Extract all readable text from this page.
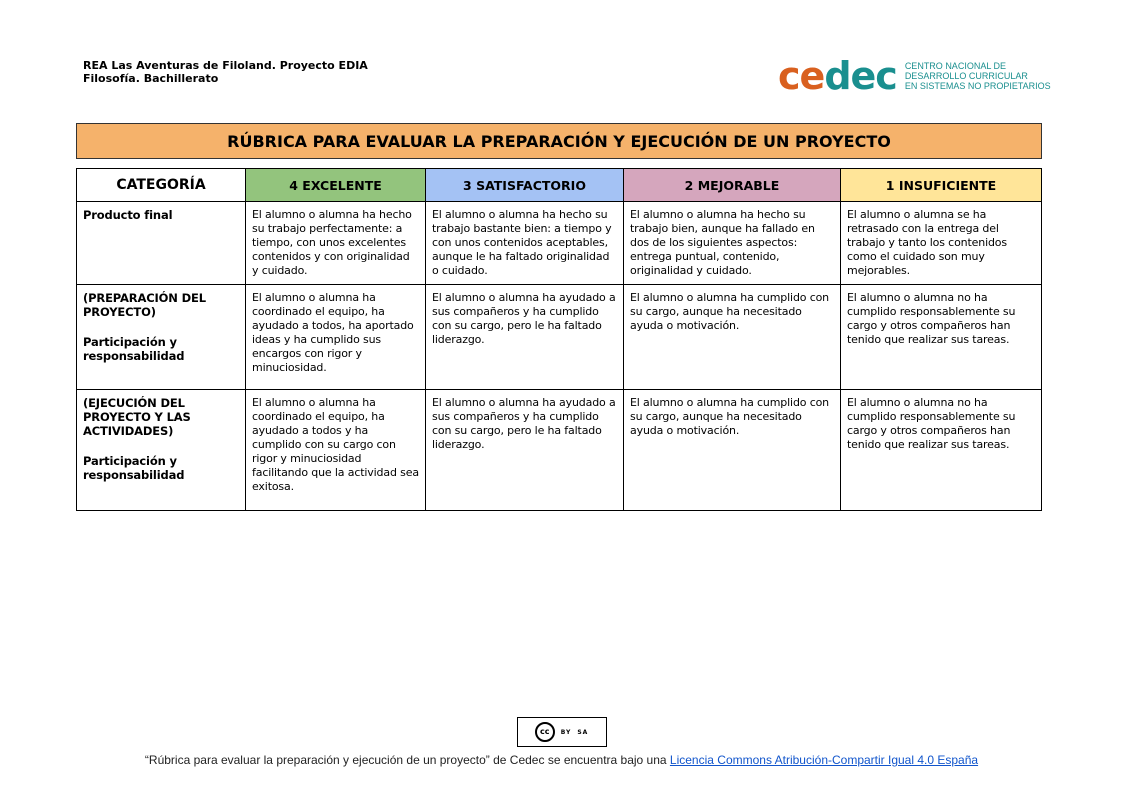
REA Las Aventuras de Filoland. Proyecto EDIA
Filosofía. Bachillerato	cedec CENTRO NACIONAL DE
DESARROLLO CURRICULAR
EN SISTEMAS NO PROPIETARIOS
RÚBRICA PARA EVALUAR LA PREPARACIÓN Y EJECUCIÓN DE UN PROYECTO
CATEGORÍA	4 EXCELENTE	3 SATISFACTORIO	2 MEJORABLE	1 INSUFICIENTE

Producto final	El alumno o alumna ha hecho su trabajo perfectamente: a tiempo, con unos excelentes contenidos y con originalidad y cuidado.	El alumno o alumna ha hecho su trabajo bastante bien: a tiempo y con unos contenidos aceptables, aunque le ha faltado originalidad o cuidado.	El alumno o alumna ha hecho su trabajo bien, aunque ha fallado en dos de los siguientes aspectos: entrega puntual, contenido, originalidad y cuidado.	El alumno o alumna se ha retrasado con la entrega del trabajo y tanto los contenidos como el cuidado son muy mejorables.

(PREPARACIÓN DEL PROYECTO)

Participación y responsabilidad	El alumno o alumna ha coordinado el equipo, ha ayudado a todos, ha aportado ideas y ha cumplido sus encargos con rigor y minuciosidad.	El alumno o alumna ha ayudado a sus compañeros y ha cumplido con su cargo, pero le ha faltado liderazgo.	El alumno o alumna ha cumplido con su cargo, aunque ha necesitado ayuda o motivación.	El alumno o alumna no ha cumplido responsablemente su cargo y otros compañeros han tenido que realizar sus tareas.

(EJECUCIÓN DEL PROYECTO Y LAS ACTIVIDADES)

Participación y responsabilidad	El alumno o alumna ha coordinado el equipo, ha ayudado a todos y ha cumplido con su cargo con rigor y minuciosidad facilitando que la actividad sea exitosa.	El alumno o alumna ha ayudado a sus compañeros y ha cumplido con su cargo, pero le ha faltado liderazgo.	El alumno o alumna ha cumplido con su cargo, aunque ha necesitado ayuda o motivación.	El alumno o alumna no ha cumplido responsablemente su cargo y otros compañeros han tenido que realizar sus tareas.
cc	BY SA
“Rúbrica para evaluar la preparación y ejecución de un proyecto” de Cedec se encuentra bajo una Licencia Commons Atribución-Compartir Igual 4.0 España
